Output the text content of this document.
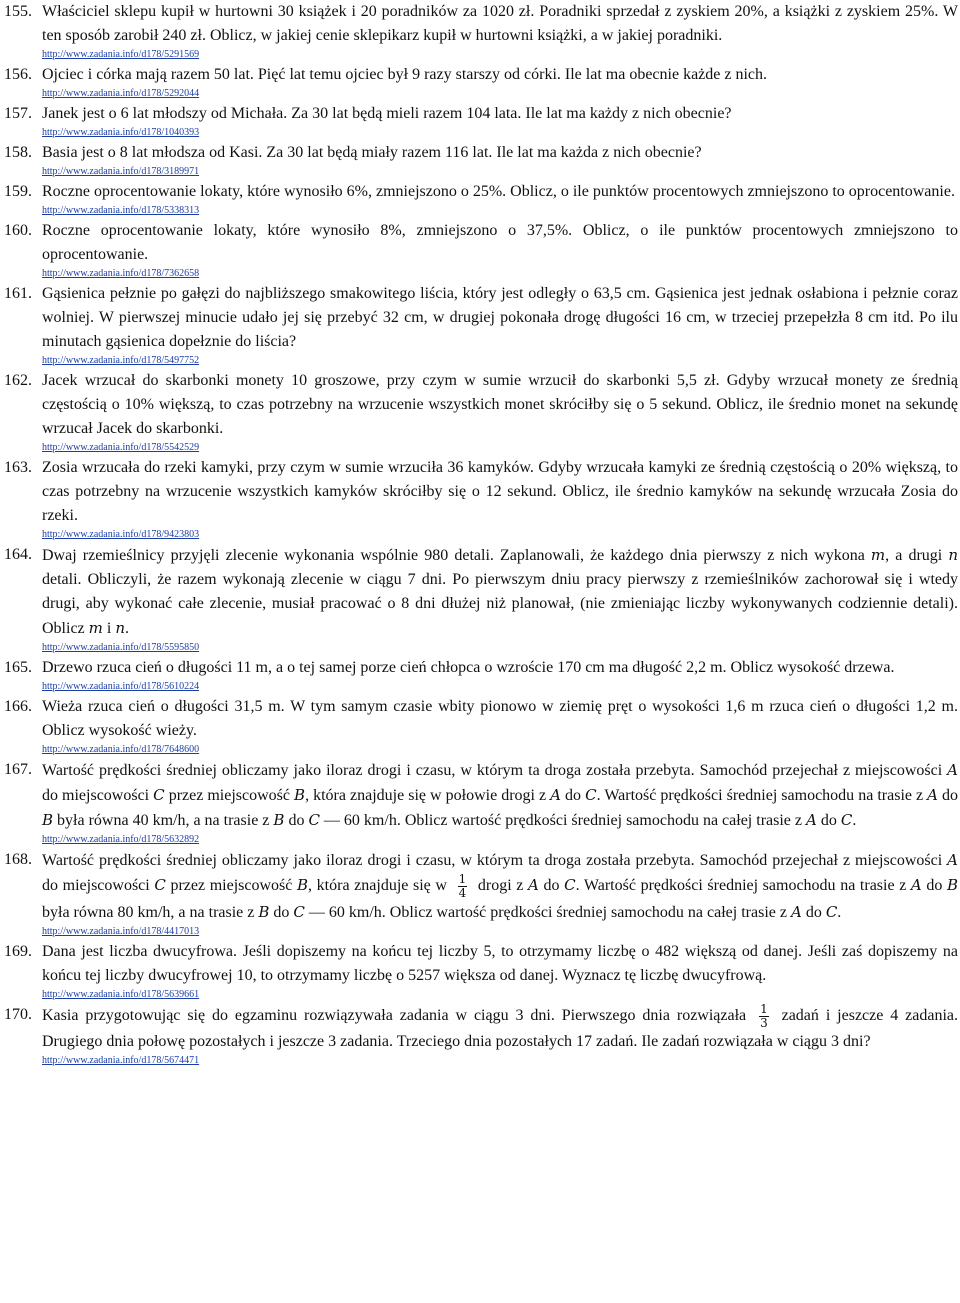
155. Właściciel sklepu kupił w hurtowni 30 książek i 20 poradników za 1020 zł. Poradniki sprzedał z zyskiem 20%, a książki z zyskiem 25%. W ten sposób zarobił 240 zł. Oblicz, w jakiej cenie sklepikarz kupił w hurtowni książki, a w jakiej poradniki.

http://www.zadania.info/d178/5291569
156. Ojciec i córka mają razem 50 lat. Pięć lat temu ojciec był 9 razy starszy od córki. Ile lat ma obecnie każde z nich.

http://www.zadania.info/d178/5292044
157. Janek jest o 6 lat młodszy od Michała. Za 30 lat będą mieli razem 104 lata. Ile lat ma każdy z nich obecnie?

http://www.zadania.info/d178/1040393
158. Basia jest o 8 lat młodsza od Kasi. Za 30 lat będą miały razem 116 lat. Ile lat ma każda z nich obecnie?

http://www.zadania.info/d178/3189971
159. Roczne oprocentowanie lokaty, które wynosiło 6%, zmniejszono o 25%. Oblicz, o ile punktów procentowych zmniejszono to oprocentowanie.

http://www.zadania.info/d178/5338313
160. Roczne oprocentowanie lokaty, które wynosiło 8%, zmniejszono o 37,5%. Oblicz, o ile punktów procentowych zmniejszono to oprocentowanie.

http://www.zadania.info/d178/7362658
161. Gąsienica pełznie po gałęzi do najbliższego smakowitego liścia, który jest odległy o 63,5 cm. Gąsienica jest jednak osłabiona i pełznie coraz wolniej. W pierwszej minucie udało jej się przebyć 32 cm, w drugiej pokonała drogę długości 16 cm, w trzeciej przepełzła 8 cm itd. Po ilu minutach gąsienica dopełznie do liścia?

http://www.zadania.info/d178/5497752
162. Jacek wrzucał do skarbonki monety 10 groszowe, przy czym w sumie wrzucił do skarbonki 5,5 zł. Gdyby wrzucał monety ze średnią częstością o 10% większą, to czas potrzebny na wrzucenie wszystkich monet skróciłby się o 5 sekund. Oblicz, ile średnio monet na sekundę wrzucał Jacek do skarbonki.

http://www.zadania.info/d178/5542529
163. Zosia wrzucała do rzeki kamyki, przy czym w sumie wrzuciła 36 kamyków. Gdyby wrzucała kamyki ze średnią częstością o 20% większą, to czas potrzebny na wrzucenie wszystkich kamyków skróciłby się o 12 sekund. Oblicz, ile średnio kamyków na sekundę wrzucała Zosia do rzeki.

http://www.zadania.info/d178/9423803
164. Dwaj rzemieślnicy przyjęli zlecenie wykonania wspólnie 980 detali. Zaplanowali, że każdego dnia pierwszy z nich wykona m, a drugi n detali. Obliczyli, że razem wykonają zlecenie w ciągu 7 dni. Po pierwszym dniu pracy pierwszy z rzemieślników zachorował się i wtedy drugi, aby wykonać całe zlecenie, musiał pracować o 8 dni dłużej niż planował, (nie zmieniając liczby wykonywanych codziennie detali). Oblicz m i n.

http://www.zadania.info/d178/5595850
165. Drzewo rzuca cień o długości 11 m, a o tej samej porze cień chłopca o wzroście 170 cm ma długość 2,2 m. Oblicz wysokość drzewa.

http://www.zadania.info/d178/5610224
166. Wieża rzuca cień o długości 31,5 m. W tym samym czasie wbity pionowo w ziemię pręt o wysokości 1,6 m rzuca cień o długości 1,2 m. Oblicz wysokość wieży.

http://www.zadania.info/d178/7648600
167. Wartość prędkości średniej obliczamy jako iloraz drogi i czasu, w którym ta droga została przebyta. Samochód przejechał z miejscowości A do miejscowości C przez miejscowość B, która znajduje się w połowie drogi z A do C. Wartość prędkości średniej samochodu na trasie z A do B była równa 40 km/h, a na trasie z B do C — 60 km/h. Oblicz wartość prędkości średniej samochodu na całej trasie z A do C.

http://www.zadania.info/d178/5632892
168. Wartość prędkości średniej obliczamy jako iloraz drogi i czasu, w którym ta droga została przebyta. Samochód przejechał z miejscowości A do miejscowości C przez miejscowość B, która znajduje się w $\frac{1}{4}$ drogi z A do C. Wartość prędkości średniej samochodu na trasie z A do B była równa 80 km/h, a na trasie z B do C — 60 km/h. Oblicz wartość prędkości średniej samochodu na całej trasie z A do C.

http://www.zadania.info/d178/4417013
169. Dana jest liczba dwucyfrowa. Jeśli dopiszemy na końcu tej liczby 5, to otrzymamy liczbę o 482 większą od danej. Jeśli zaś dopiszemy na końcu tej liczby dwucyfrowej 10, to otrzymamy liczbę o 5257 większa od danej. Wyznacz tę liczbę dwucyfrową.

http://www.zadania.info/d178/5639661
170. Kasia przygotowując się do egzaminu rozwiązywała zadania w ciągu 3 dni. Pierwszego dnia rozwiązała $\frac{1}{3}$ zadań i jeszcze 4 zadania. Drugiego dnia połowę pozostałych i jeszcze 3 zadania. Trzeciego dnia pozostałych 17 zadań. Ile zadań rozwiązała w ciągu 3 dni?

http://www.zadania.info/d178/5674471
